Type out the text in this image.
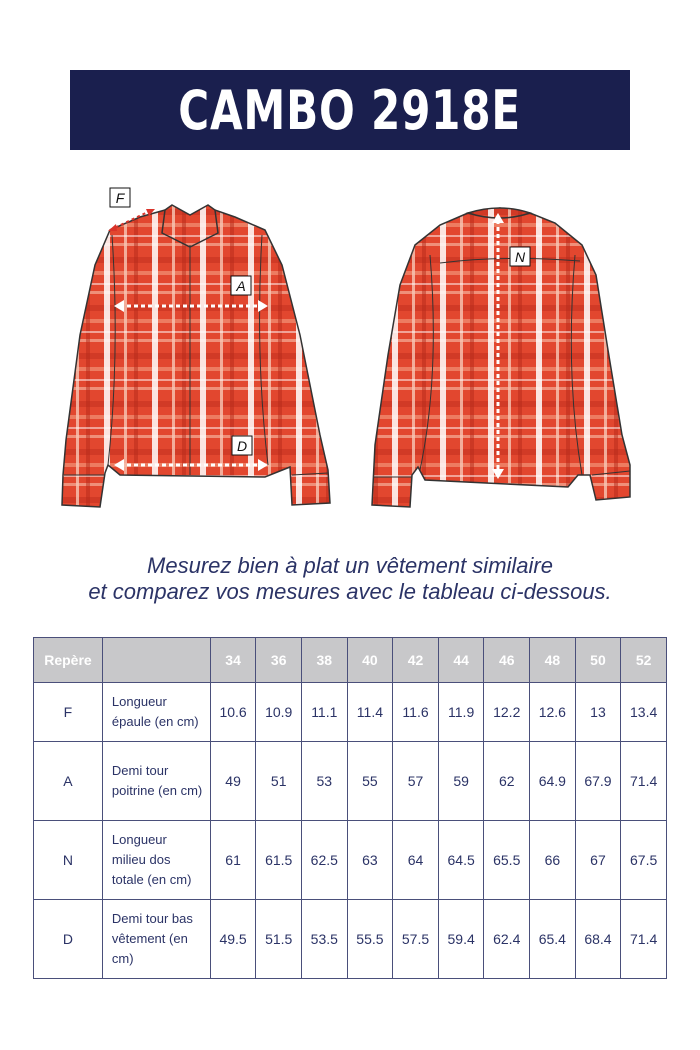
CAMBO 2918E
F
A
D
N
Mesurez bien à plat un vêtement similaire
et comparez vos mesures avec le tableau ci-dessous.
Repère		34	36	38	40	42	44	46	48	50	52
F	Longueur épaule (en cm)	10.6	10.9	11.1	11.4	11.6	11.9	12.2	12.6	13	13.4
A	Demi tour poitrine (en cm)	49	51	53	55	57	59	62	64.9	67.9	71.4
N	Longueur milieu dos totale (en cm)	61	61.5	62.5	63	64	64.5	65.5	66	67	67.5
D	Demi tour bas vêtement (en cm)	49.5	51.5	53.5	55.5	57.5	59.4	62.4	65.4	68.4	71.4
